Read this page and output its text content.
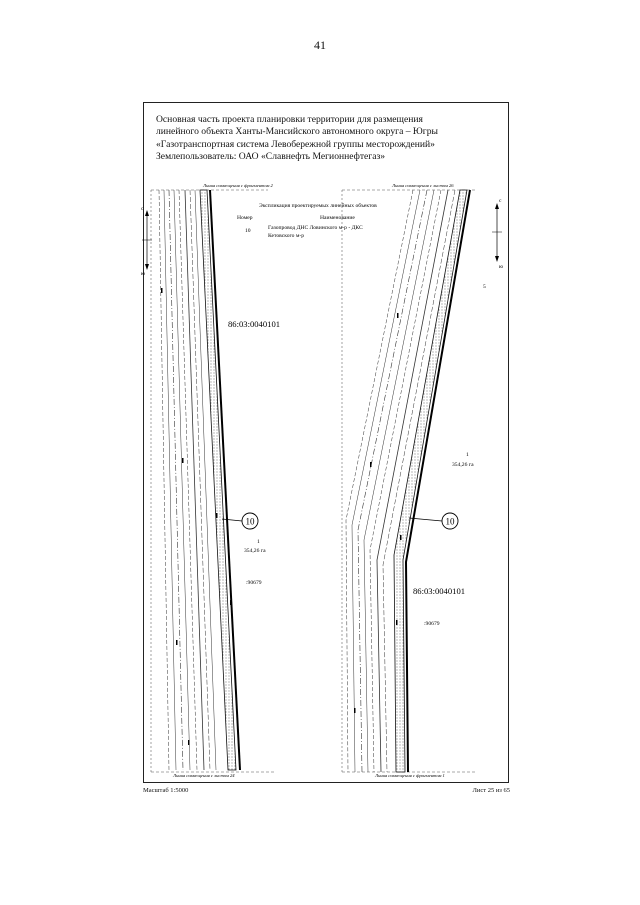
41
Основная часть проекта планировки территории для размещения
линейного объекта Ханты-Мансийского автономного округа – Югры
«Газотранспортная система Левобережной группы месторождений»
Землепользователь: ОАО «Славнефть Мегионнефтегаз»
с
ю
с
ю
Линия совмещения с фрагментом 2
Линия совмещения с листом 24
Линия совмещения с листом 26
Линия совмещения с фрагментом 1
Экспликация проектируемых линейных объектов
Номер	Наименование
10	Газопровод ДНС Ловинского м-р - ДКС
Кетовского м-р
86:03:0040101
10
1
354,26 га
:90679
5
1
354,26 га
10
86:03:0040101
:90679
Масштаб 1:5000	Лист 25 из 65
